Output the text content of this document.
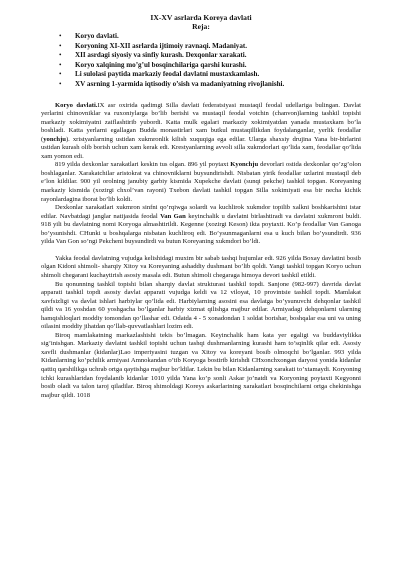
IX-XV asrlarda Koreya davlati
Reja:
• Koryo davlati.
• Koryoning XI-XII asrlarda ijtimoiy ravnaqi. Madaniyat.
• XII asrdagi siyosiy va sinfiy kurash. Dexqonlar xarakati.
• Koryo xalqining mo’g’ul bosqinchilariga qarshi kurashi.
• Li sulolasi paytida markaziy feodal davlatni mustaxkamlash.
• XV asrning 1-yarmida iqtisodiy o’sish va madaniyatning rivojlanishi.

Koryo davlati.IX asr oxirida qadimgi Silla davlati federatsiyasi mustaqil feodal udellariga bulingan. Davlat yerlarini chinovniklar va ruxoniylarga bo’lib berishi va mustaqil feodal votchin (chanvon)larning tashkil topishi markaziy xokimiyatni zaiflashtirib yubordi. Katta mulk egalari markaziy xokimiyatdan yanada mustaxkam bo’la boshladi. Katta yerlarni egallagan Budda monastirlari xam butkul mustaqillikdan foydalanganlar, yerlik feodallar (yonchju). xristyanlarning ustidan xukmronlik kilish xuquqiga ega edilar. Ularga shaxsiy drujina Yana bir-birlarini ustidan kurash olib borish uchun xam kerak edi. Krestyanlarning avvoli silla xukmdorlari qo’lida xam, feodallar qo’lida xam yomon edi.

819 yilda dexkonlar xarakatlari keskin tus olgan. 896 yil poytaxt Kyonchju devorlari ostida dexkonlar qo’zg’olon boshlaganlar. Xarakatchilar aristokrat va chinovniklarni buysundirishdi. Nisbatan yirik feodallar uzlarini mustaqil deb e’lon kildilar. 900 yil orolning janubiy garbiy kismida Xupekche davlati (sunqi pekche) tashkil topgan. Koreyaning markaziy kismida (xozirgi chxol’van rayoni) Txebon davlati tashkil topgan Silla xokimiyati esa bir necha kichik rayonlardagina iborat bo’lib koldi.

Dexkonlar xarakatlari xukmron sinfni qo’rqiwga solardi va kuchlirok xukmdor topilib xalkni boshkarishini istar edilar. Navbatdagi janglar natijasida feodal Van Gan keyinchalik u davlatni birlashtiradi va davlatni xukmroni buldi. 918 yili bu davlatning nomi Koryoga almashtirildi. Kegenne (xozirgi Keson) ikta poytaxti. Ko’p feodallar Van Ganoga bo’ysunishdi. CHunki u boshqalarga nisbatan kuchliroq edi. Bo’ysunmaganlarni esa u kuch bilan bo’ysundirdi. 936 yilda Van Gon so’ngi Pekcheni buysundirdi va butun Koreyaning xukmdori bo’ldi.

Yakka feodal davlatning vujudga kelishidagi muxim bir sabab tashqi hujumlar edi. 926 yilda Boxay davlatini bosib olgan Kidoni shimoli- sharqiy Xitoy va Koreyaning ashaddiy dushmani bo’lib qoldi. Yangi tashkil topgan Koryo uchun shimoli chegarani kuchaytirish asosiy masala edi. Butun shimoli chegaraga himoya devori tashkil etildi.

Bu qonunning tashkil topishi bilan sharqiy davlat strukturasi tashkil topdi. Sanjone (982-997) davrida davlat apparati tashkil topdi asosiy davlat apparati vujudga keldi va 12 viloyat, 10 provintsie tashkil topdi. Mamlakat xavfsizligi va davlat ishlari harbiylar qo’lida edi. Harbiylarning asosini esa davlatga bo’ysunuvchi dehqonlar tashkil qildi va 16 yoshdan 60 yoshgacha bo’lganlar harbiy xizmat qilishga majbur edilar. Armiyadagi dehqonlarni ularning hamqishloqlari moddiy tomondan qo’llashar edi. Odatda 4 - 5 xonadondan 1 soldat borishar, boshqalar esa uni va uning oilasini moddiy jihatdan qo’llab-quvvatlashlari lozim edi.

Biroq mamlakatning markazlashishi tekis bo’lmagan. Keyinchalik ham kata yer egaligi va buddaviylikka sig’inishgan. Markaziy davlatni tashkil topishi uchun tashqi dushmanlarning kurashi ham to’sqinlik qilar edi. Asosiy xavfli dushmanlar (kidanlar)Lao imperiyasini tuzgan va Xitoy va koreyani bosib olmoqchi bo’lganlar. 993 yilda Kidanlarning ko’pchilik armiyasi Amnokandan o’tib Koryoga bostirib kirishdi CHxonchxongan daryosi yonida kidanlar qattiq qarshilikga uchrab ortga qaytishga majbur bo’ldilar. Lekin bu bilan Kidanlarning xarakati to’xtamaydi. Koryoning ichki kurashlaridan foydalanib kidanlar 1010 yilda Yana ko’p sonli Askar jo’natdi va Koryoning poytaxti Kegyonni bosib oladi va talon taroj qiladilar. Biroq shimoldagi Koreys askarlarining xarakatlari bosqinchilarni ortga chekinishga majbur qildi. 1018
